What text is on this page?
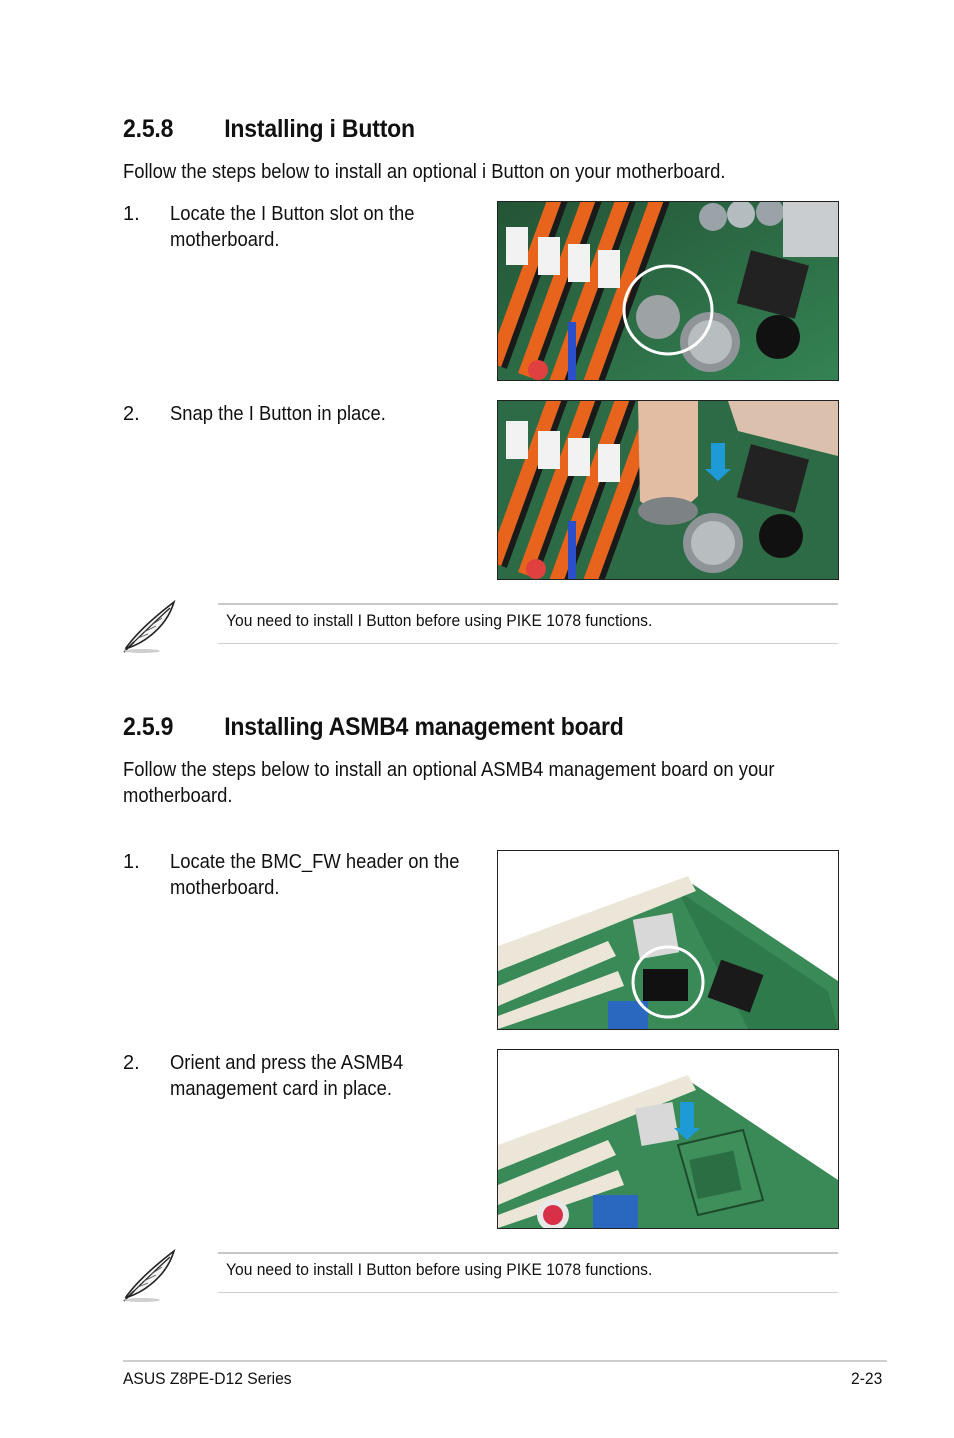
2.5.8 Installing i Button
Follow the steps below to install an optional i Button on your motherboard.
1. Locate the I Button slot on the
motherboard.
2. Snap the I Button in place.
You need to install I Button before using PIKE 1078 functions.
2.5.9 Installing ASMB4 management board
Follow the steps below to install an optional ASMB4 management board on your
motherboard.
1. Locate the BMC_FW header on the
motherboard.
2. Orient and press the ASMB4
management card in place.
You need to install I Button before using PIKE 1078 functions.
ASUS Z8PE-D12 Series	2-23
